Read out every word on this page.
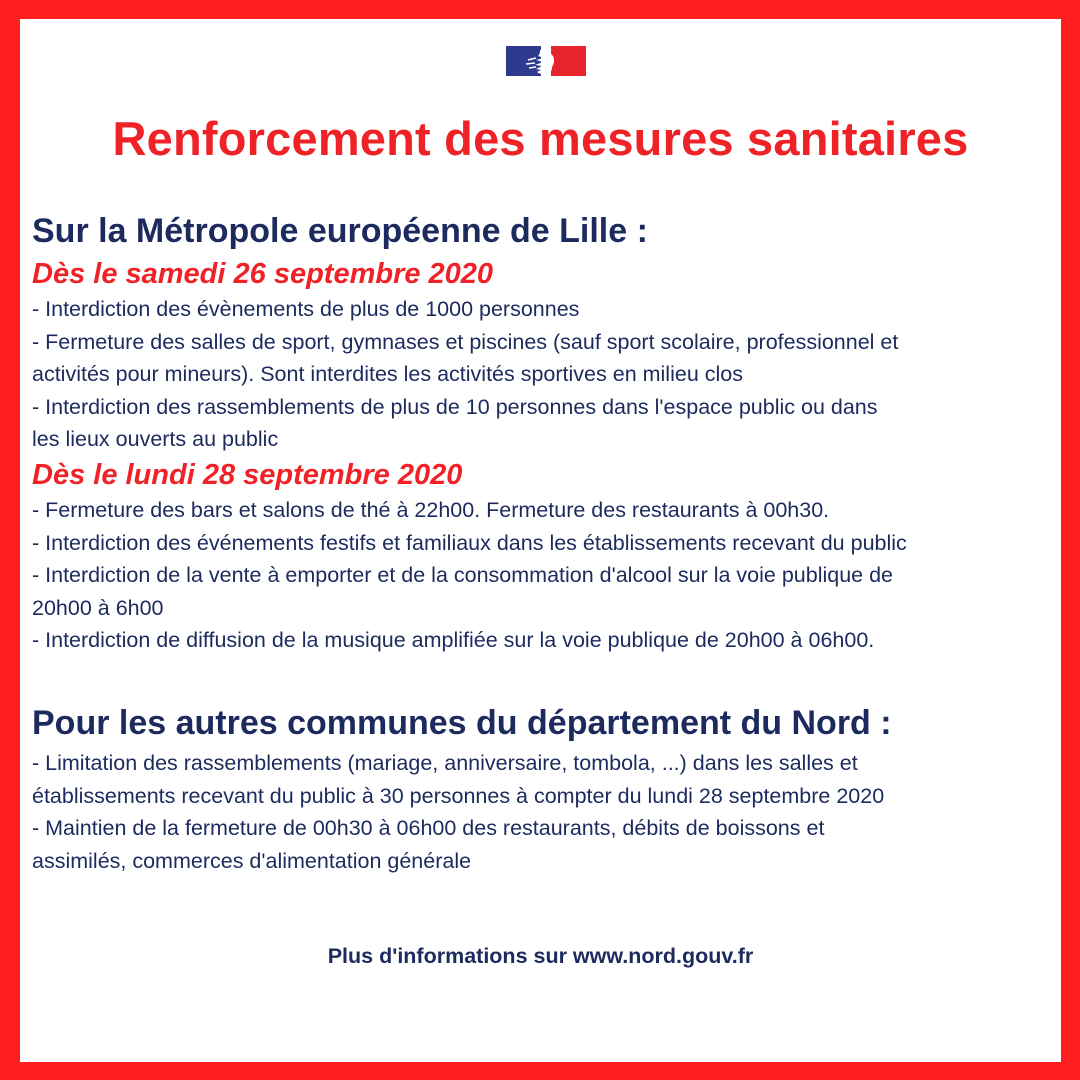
Renforcement des mesures sanitaires
Sur la Métropole européenne de Lille :
Dès le samedi 26 septembre 2020
- Interdiction des évènements de plus de 1000 personnes
- Fermeture des salles de sport, gymnases et piscines (sauf sport scolaire, professionnel et
activités pour mineurs). Sont interdites les activités sportives en milieu clos
- Interdiction des rassemblements de plus de 10 personnes dans l'espace public ou dans
les lieux ouverts au public
Dès le lundi 28 septembre 2020
- Fermeture des bars et salons de thé à 22h00. Fermeture des restaurants à 00h30.
- Interdiction des événements festifs et familiaux dans les établissements recevant du public
- Interdiction de la vente à emporter et de la consommation d'alcool sur la voie publique de
20h00 à 6h00
- Interdiction de diffusion de la musique amplifiée sur la voie publique de 20h00 à 06h00.
Pour les autres communes du département du Nord :
- Limitation des rassemblements (mariage, anniversaire, tombola, ...) dans les salles et
établissements recevant du public à 30 personnes à compter du lundi 28 septembre 2020
- Maintien de la fermeture de 00h30 à 06h00 des restaurants, débits de boissons et
assimilés, commerces d'alimentation générale
Plus d'informations sur www.nord.gouv.fr
